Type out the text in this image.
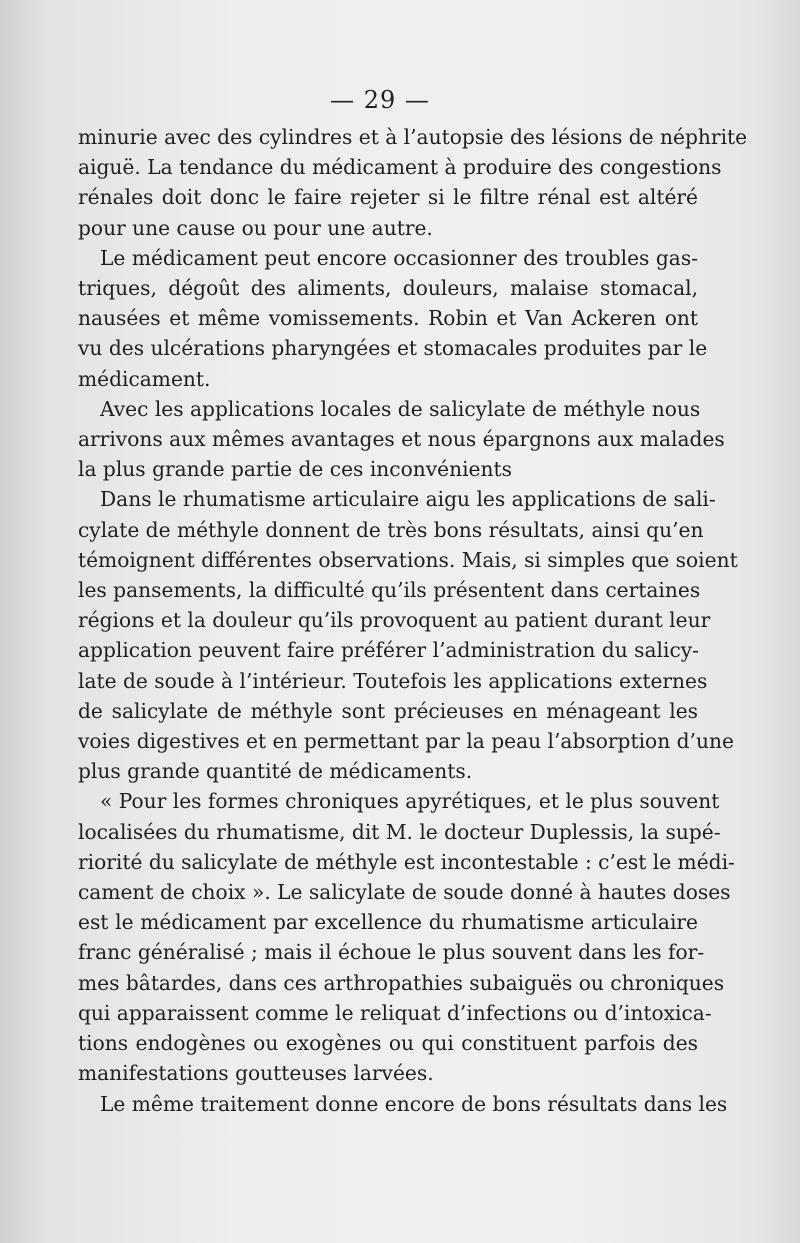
— 29 —
minurie avec des cylindres et à l’autopsie des lésions de néphrite
aiguë. La tendance du médicament à produire des congestions
rénales doit donc le faire rejeter si le filtre rénal est altéré
pour une cause ou pour une autre.
Le médicament peut encore occasionner des troubles gas-
triques, dégoût des aliments, douleurs, malaise stomacal,
nausées et même vomissements. Robin et Van Ackeren ont
vu des ulcérations pharyngées et stomacales produites par le
médicament.
Avec les applications locales de salicylate de méthyle nous
arrivons aux mêmes avantages et nous épargnons aux malades
la plus grande partie de ces inconvénients
Dans le rhumatisme articulaire aigu les applications de sali-
cylate de méthyle donnent de très bons résultats, ainsi qu’en
témoignent différentes observations. Mais, si simples que soient
les pansements, la difficulté qu’ils présentent dans certaines
régions et la douleur qu’ils provoquent au patient durant leur
application peuvent faire préférer l’administration du salicy-
late de soude à l’intérieur. Toutefois les applications externes
de salicylate de méthyle sont précieuses en ménageant les
voies digestives et en permettant par la peau l’absorption d’une
plus grande quantité de médicaments.
« Pour les formes chroniques apyrétiques, et le plus souvent
localisées du rhumatisme, dit M. le docteur Duplessis, la supé-
riorité du salicylate de méthyle est incontestable : c’est le médi-
cament de choix ». Le salicylate de soude donné à hautes doses
est le médicament par excellence du rhumatisme articulaire
franc généralisé ; mais il échoue le plus souvent dans les for-
mes bâtardes, dans ces arthropathies subaiguës ou chroniques
qui apparaissent comme le reliquat d’infections ou d’intoxica-
tions endogènes ou exogènes ou qui constituent parfois des
manifestations goutteuses larvées.
Le même traitement donne encore de bons résultats dans les
